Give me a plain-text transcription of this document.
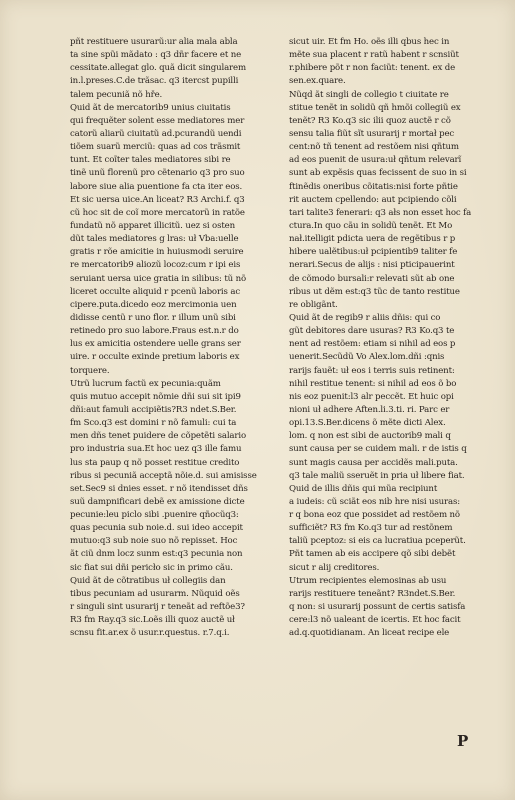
pñt restituere usurarũ:ur alia mala abla
ta sine spũi mãdato : q3 dñr facere et ne
cessitate.allegat glo. quã dicit singularem
in.l.preses.C.de trãsac. q3 itercst pupilli
talem pecuniã nõ hře.
Quid ãt de mercatorib9 unius ciuitatis
qui frequẽter solent esse mediatores mer
catorũ aliarũ ciuitatũ ad.pcurandũ uendi
tiõem suarũ merciũ: quas ad cos trãsmit
tunt. Et coĩter tales mediatores sibi re
tinẽ unũ florenũ pro cẽtenario q3 pro suo
labore siue alia puentione fa cta iter eos.
Et sic uersa uice.An liceat? R3 Archi.f. q3
cũ hoc sit de coĩ more mercatorũ in ratõe
fundatũ nõ apparet illicitũ. uez si osten
dũt tales mediatores g lras: uł Vba:uelle
gratis r rõe amicitie in huiusmodi seruire
re mercatorib9 aliozũ locoz:cum r ipi eis
seruiant uersa uice gratia in silibus: tũ nõ
liceret occulte aliquid r pcenũ laboris ac
cipere.puta.dicedo eoz mercimonia uen
didisse centũ r uno flor. r illum unũ sibi
retinedo pro suo labore.Fraus est.n.r do
lus ex amicitia ostendere uelle grans ser
uire. r occulte exinde pretium laboris ex
torquere.
Utrũ lucrum factũ ex pecunia:quãm
quis mutuo accepit nõmie dñi sui sit ipi9
dñi:aut famuli accipiẽtis?R3 ndet.S.Ber.
fm Sco.q3 est domini r nõ famuli: cui ta
men dñs tenet puidere de cõpetẽti salario
pro industria sua.Et hoc uez q3 ille famu
lus sta paup q nõ posset restitue credito
ribus si pecuniã acceptã nõie.d. sui amisisse
set.Sec9 si dnies esset. r nõ itendisset dñs
suũ dampnificari debẽ ex amissione dicte
pecunie:leu piclo sibi .puenire qñocũq3:
quas pecunia sub noie.d. sui ideo accepit
mutuo:q3 sub noie suo nõ repisset. Hoc
ãt ciũ dnm locz sunm est:q3 pecunia non
sic fiat sui dñi pericło sic in primo cãu.
Quid ãt de cõtratibus uł collegiis dan
tibus pecuniam ad usurarm. Nũquid oẽs
r singuli sint usurarij r teneãt ad reftõe3?
R3 fm Ray.q3 sic.Loẽs illi quoz auctẽ uł
scnsu fit.ar.ex õ usur.r.questus. r.7.q.i.
sicut uir. Et fm Ho. oẽs illi qbus hec in
mẽte sua placent r ratũ habent r scnsiũt
r.phibere põt r non faciũt: tenent. ex de
sen.ex.quare.
Nũqd ãt singli de collegio t ciuitate re
stitue tenẽt in solidũ qñ hmõi collegiũ ex
tenẽt? R3 Ko.q3 sic ilii quoz auctẽ r cõ
sensu talia fiũt sĩt usurarij r mortał pec
cent:nõ tñ tenent ad restõem nisi qñtum
ad eos puenit de usura:uł qñtum relevarĩ
sunt ab expẽsis quas fecissent de suo in si
ftinẽdis oneribus cõitatis:nisi forte pñtie
rit auctem cpellendo: aut pcipiendo cõli
tari talite3 fenerari: q3 ałs non esset hoc fa
ctura.In quo cãu in solidũ tenẽt. Et Mo
nał.itelligit pdicta uera de regẽtibus r p
hibere ualẽtibus:uł pcipientib9 taliter fe
nerari.Secus de alijs : nisi pticipauerint
de cõmodo bursali:r relevati sũt ab one
ribus ut dẽm est:q3 tũc de tanto restitue
re obligãnt.
Quid ãt de regib9 r aliis dñis: qui co
gũt debitores dare usuras? R3 Ko.q3 te
nent ad restõem: etiam si nihil ad eos p
uenerit.Secũdũ Vo Alex.lom.dñi :qnis
rarijs fauẽt: uł eos i terris suis retinent:
nihil restitue tenent: si nihil ad eos õ bo
nis eoz puenit:l3 alr peccẽt. Et huic opi
nioni uł adhere Aften.li.3.ti. ri. Parc er
opi.13.S.Ber.dicens õ mẽte dicti Alex.
lom. q non est sibi de auctorib9 mali q
sunt causa per se cuidem mali. r de istis q
sunt magis causa per accidẽs mali.puta.
q3 tale maliũ sseruẽt in pria uł libere fiat.
Quid de illis dñis qui mũa recipiunt
a iudeis: cũ sciãt eos nib hre nisi usuras:
r q bona eoz que possidet ad restõem nõ
sufficiẽt? R3 fm Ko.q3 tur ad restõnem
taliũ pceptoz: si eis ca lucratiua pceperũt.
Pñt tamen ab eis accipere qõ sibi debẽt
sicut r alij creditores.
Utrum recipientes elemosinas ab usu
rarijs restituere teneãnt? R3ndet.S.Ber.
q non: si usurarij possunt de certis satisfa
cere:l3 nõ ualeant de icertis. Et hoc facit
ad.q.quotidianam. An liceat recipe ele
P
